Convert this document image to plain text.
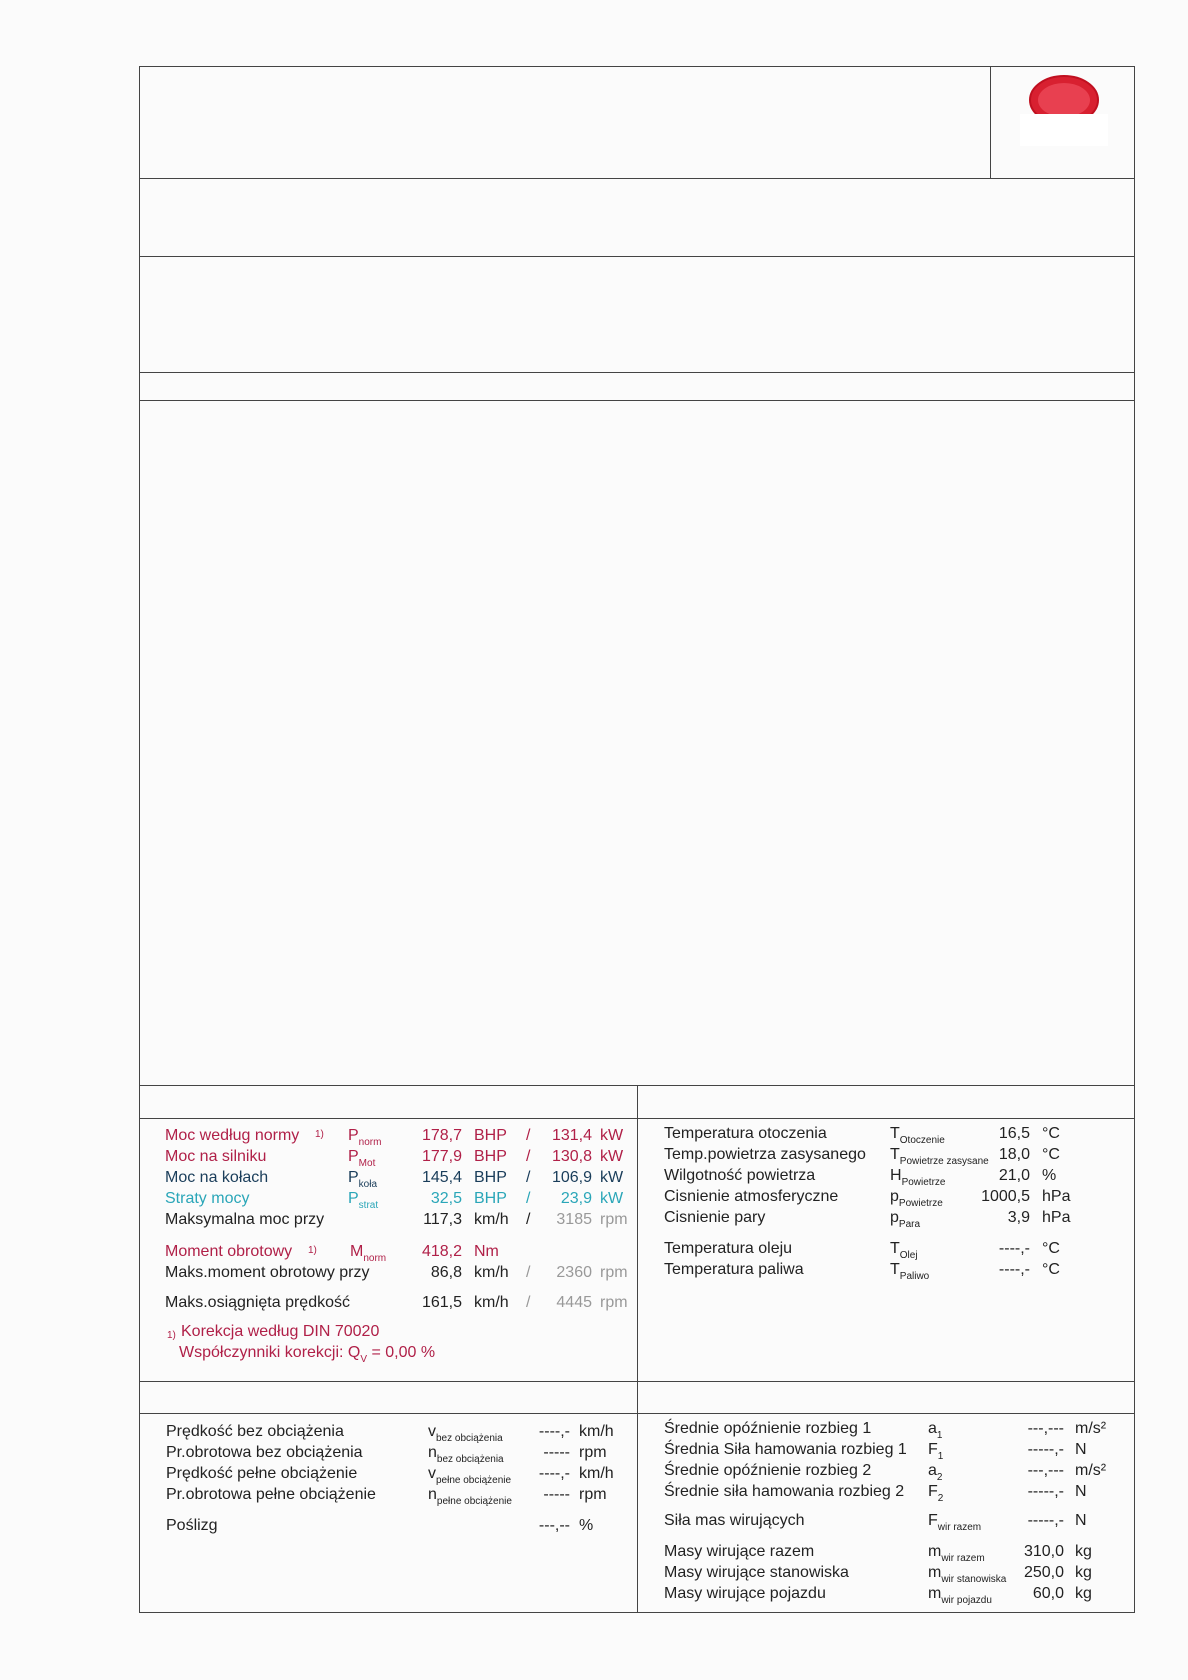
Moc według normy 1) $P_{norm}$	178,7 BHP /	131,4 kW
Moc na silniku	$P_{Mot}$	177,9 BHP /	130,8 kW
Moc na kołach	$P_{koła}$	145,4 BHP /	106,9 kW
Straty mocy	$P_{strat}$	32,5 BHP /	23,9 kW
Maksymalna moc przy	117,3 km/h /	3185 rpm
Moment obrotowy 1) $M_{norm}$	418,2 Nm
Maks.moment obrotowy przy	86,8 km/h /	2360 rpm
Maks.osiągnięta prędkość	161,5 km/h /	4445 rpm
1) Korekcja według DIN 70020
Współczynniki korekcji: $Q_V = 0,00$ %
Temperatura otoczenia	$T_{Otoczenie}$	16,5 °C
Temp.powietrza zasysanego $T_{Powietrze zasysane}$ 18,0 °C
Wilgotność powietrza	$H_{Powietrze}$	21,0 %
Cisnienie atmosferyczne	$p_{Powietrze}$	1000,5 hPa
Cisnienie pary	$p_{Para}$	3,9 hPa
Temperatura oleju	$T_{Olej}$	----,- °C
Temperatura paliwa	$T_{Paliwo}$	----,- °C
Prędkość bez obciążenia	$v_{bez obciążenia}$	----,- km/h
Pr.obrotowa bez obciążenia	$n_{bez obciążenia}$	----- rpm
Prędkość pełne obciążenie	$v_{pełne obciążenie}$	----,- km/h
Pr.obrotowa pełne obciążenie	$n_{pełne obciążenie}$	----- rpm
Poślizg	---,-- %
Średnie opóźnienie rozbieg 1	$a_1$	---,--- m/s²
Średnia Siła hamowania rozbieg 1 $F_1$	-----,- N
Średnie opóźnienie rozbieg 2	$a_2$	---,--- m/s²
Średnie siła hamowania rozbieg 2 $F_2$	-----,- N
Siła mas wirujących	$F_{wir razem}$	-----,- N
Masy wirujące razem	$m_{wir razem}$	310,0 kg
Masy wirujące stanowiska	$m_{wir stanowiska}$	250,0 kg
Masy wirujące pojazdu	$m_{wir pojazdu}$	60,0 kg
